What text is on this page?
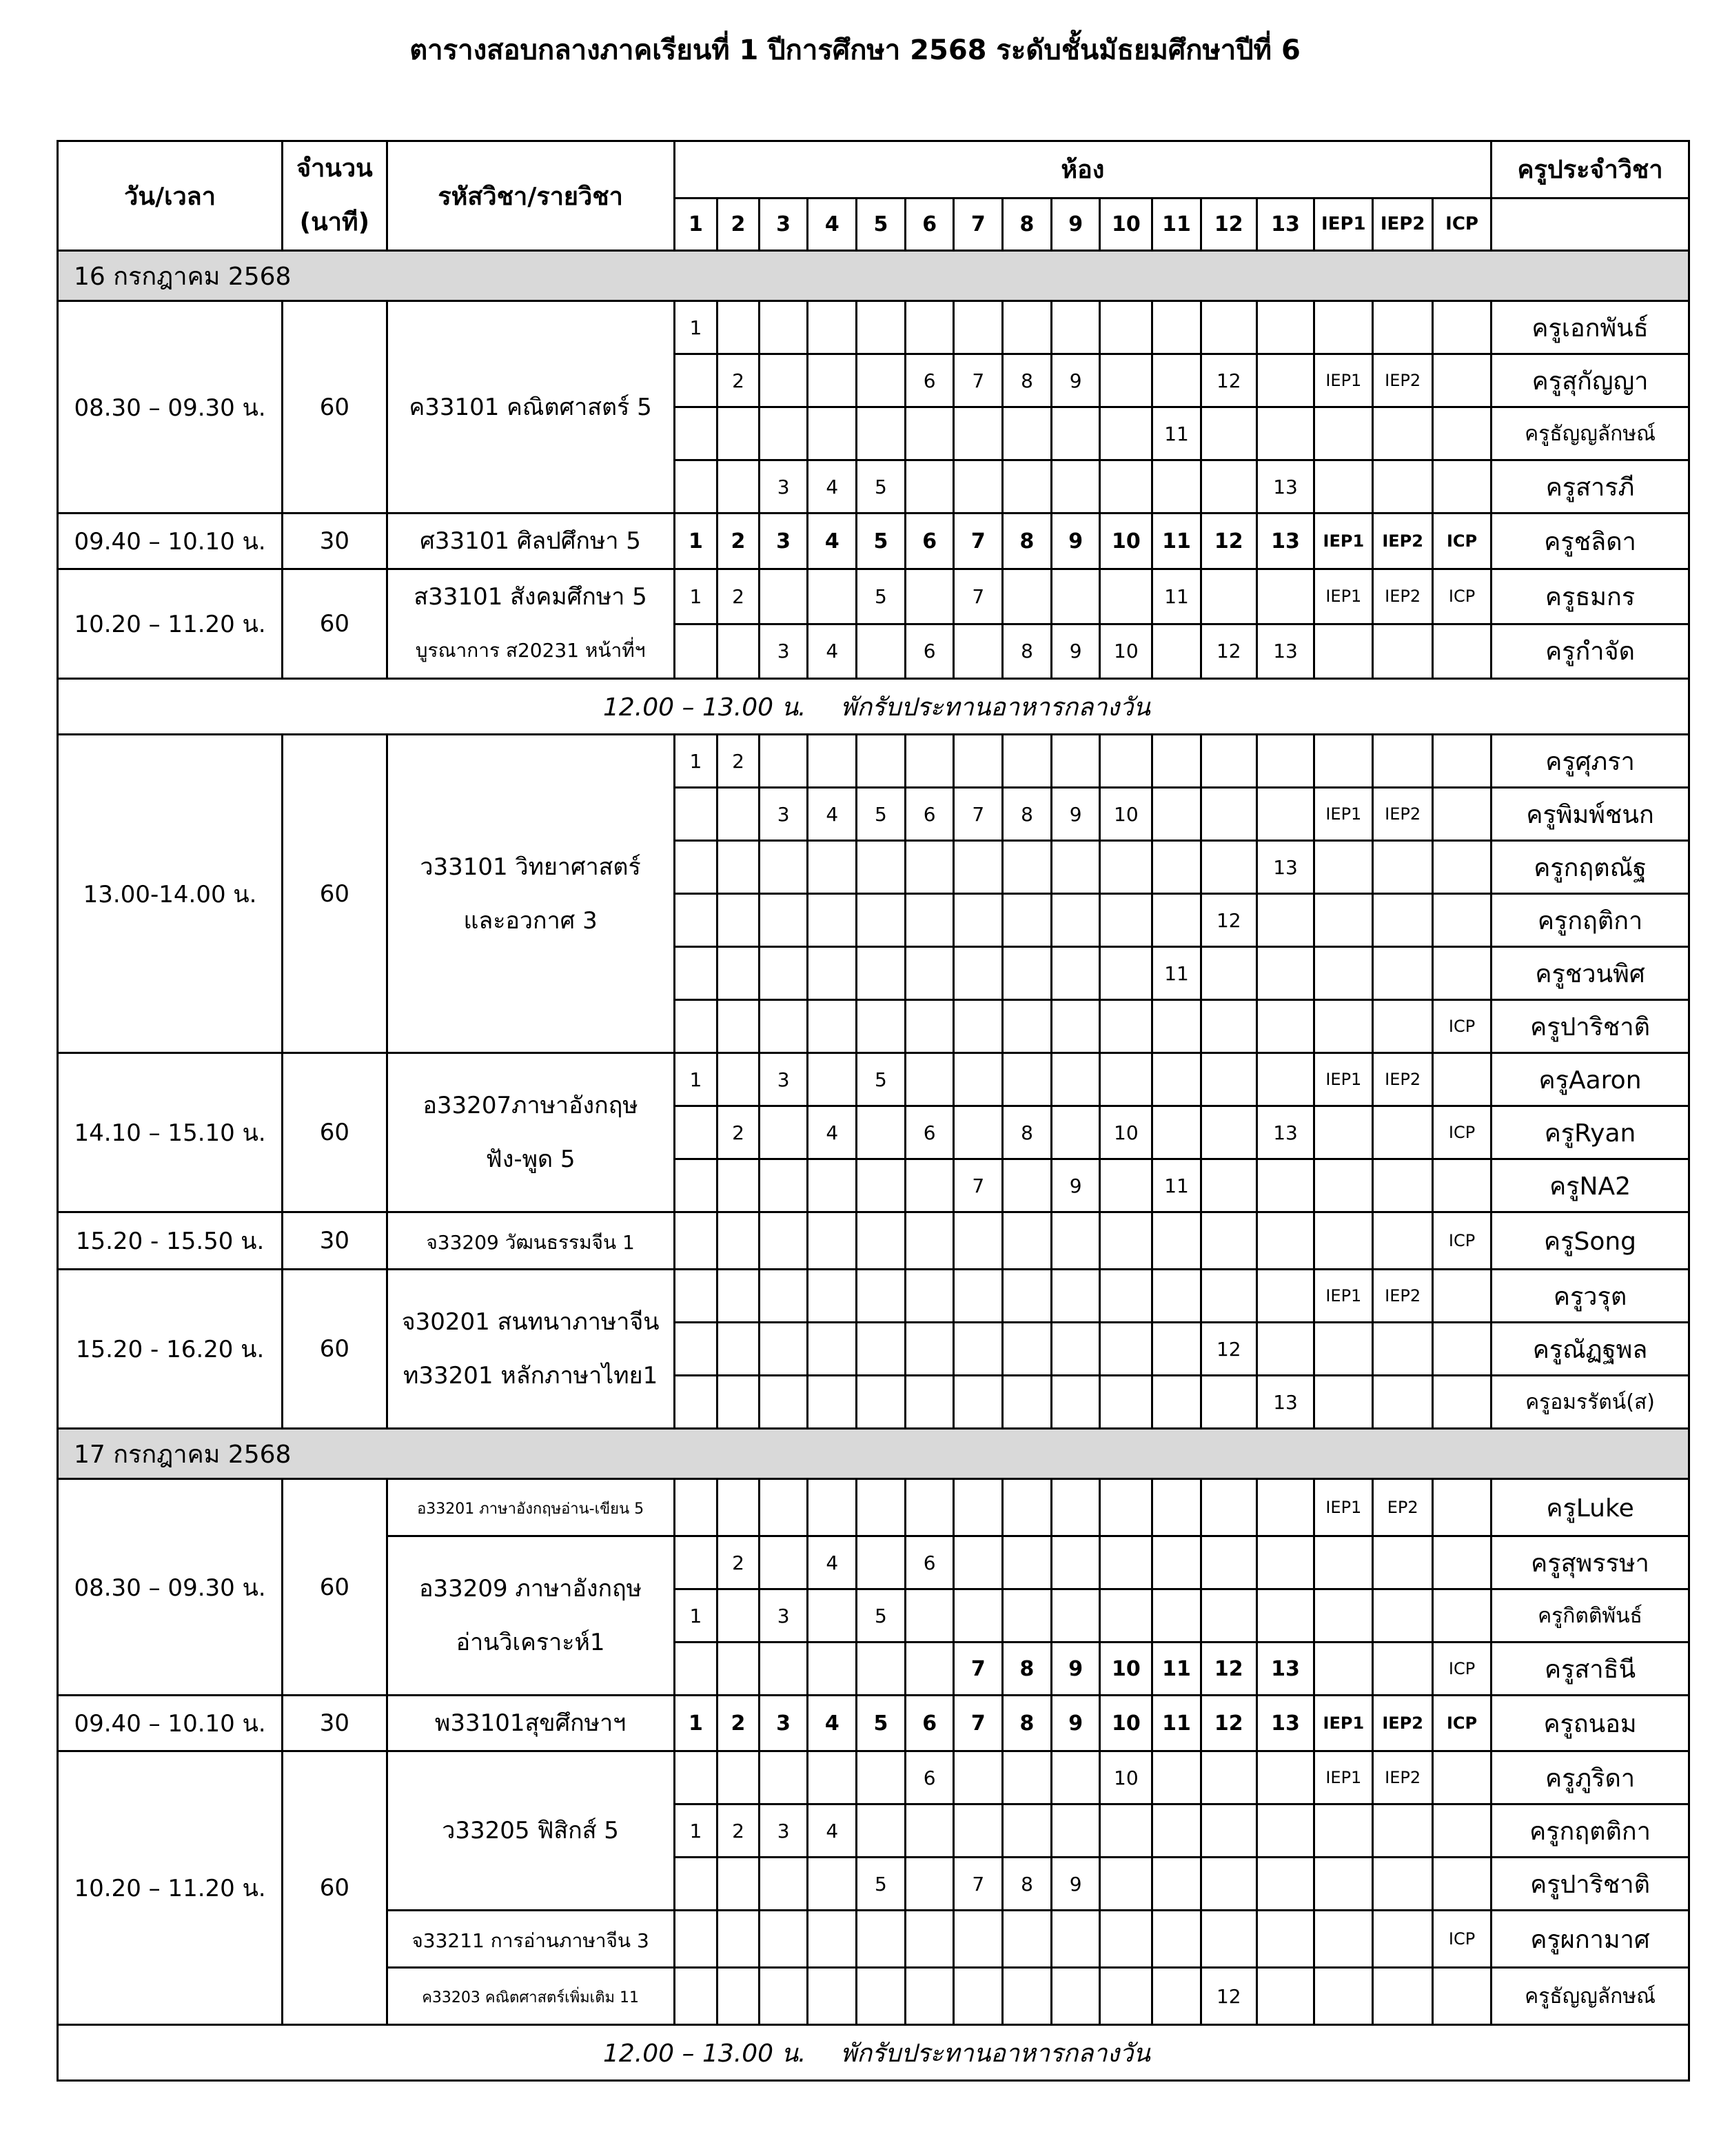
ตารางสอบกลางภาคเรียนที่ 1 ปีการศึกษา 2568 ระดับชั้นมัธยมศึกษาปีที่ 6
วัน/เวลา	จำนวน
(นาที)	รหัสวิชา/รายวิชา	ห้อง																ครูประจำวิชา
			1	2	3	4	5	6	7	8	9	10	11	12	13	IEP1	IEP2	ICP	
16 กรกฎาคม 2568																			
08.30 – 09.30 น.	60	ค33101 คณิตศาสตร์ 5	1																ครูเอกพันธ์
				2				6	7	8	9			12		IEP1	IEP2		ครูสุกัญญา
													11						ครูธัญญลักษณ์
					3	4	5								13				ครูสารภี
09.40 – 10.10 น.	30	ศ33101 ศิลปศึกษา 5	1	2	3	4	5	6	7	8	9	10	11	12	13	IEP1	IEP2	ICP	ครูชลิดา
10.20 – 11.20 น.	60	ส33101 สังคมศึกษา 5
บูรณาการ ส20231 หน้าที่ฯ	1	2			5		7				11			IEP1	IEP2	ICP	ครูธมกร
					3	4		6		8	9	10		12	13				ครูกำจัด
12.00 – 13.00 น. พักรับประทานอาหารกลางวัน																			
13.00-14.00 น.	60	ว33101 วิทยาศาสตร์
และอวกาศ 3	1	2															ครูศุภรา
					3	4	5	6	7	8	9	10				IEP1	IEP2		ครูพิมพ์ชนก
															13				ครูกฤตณัฐ
														12					ครูกฤติกา
													11						ครูชวนพิศ
																		ICP	ครูปาริชาติ
14.10 – 15.10 น.	60	อ33207ภาษาอังกฤษ
ฟัง-พูด 5	1		3		5									IEP1	IEP2		ครูAaron
				2		4		6		8		10			13			ICP	ครูRyan
									7		9		11						ครูNA2
15.20 - 15.50 น.	30	จ33209 วัฒนธรรมจีน 1																ICP	ครูSong
15.20 - 16.20 น.	60	จ30201 สนทนาภาษาจีน
ท33201 หลักภาษาไทย1														IEP1	IEP2		ครูวรุต
														12					ครูณัฏฐพล
															13				ครูอมรรัตน์(ส)
17 กรกฎาคม 2568																			
08.30 – 09.30 น.	60	อ33201 ภาษาอังกฤษอ่าน-เขียน 5														IEP1	EP2		ครูLuke

		อ33209 ภาษาอังกฤษ
อ่านวิเคราะห์1		2		4		6											ครูสุพรรษา
			1		3		5												ครูกิตติพันธ์
									7	8	9	10	11	12	13			ICP	ครูสาธินี
09.40 – 10.10 น.	30	พ33101สุขศึกษาฯ	1	2	3	4	5	6	7	8	9	10	11	12	13	IEP1	IEP2	ICP	ครูถนอม
10.20 – 11.20 น.	60	ว33205 ฟิสิกส์ 5						6				10				IEP1	IEP2		ครูภูริดา
			1	2	3	4													ครูกฤตติกา
							5		7	8	9								ครูปาริชาติ

		จ33211 การอ่านภาษาจีน 3																ICP	ครูผกามาศ

		ค33203 คณิตศาสตร์เพิ่มเติม 11												12					ครูธัญญลักษณ์
12.00 – 13.00 น. พักรับประทานอาหารกลางวัน																			
